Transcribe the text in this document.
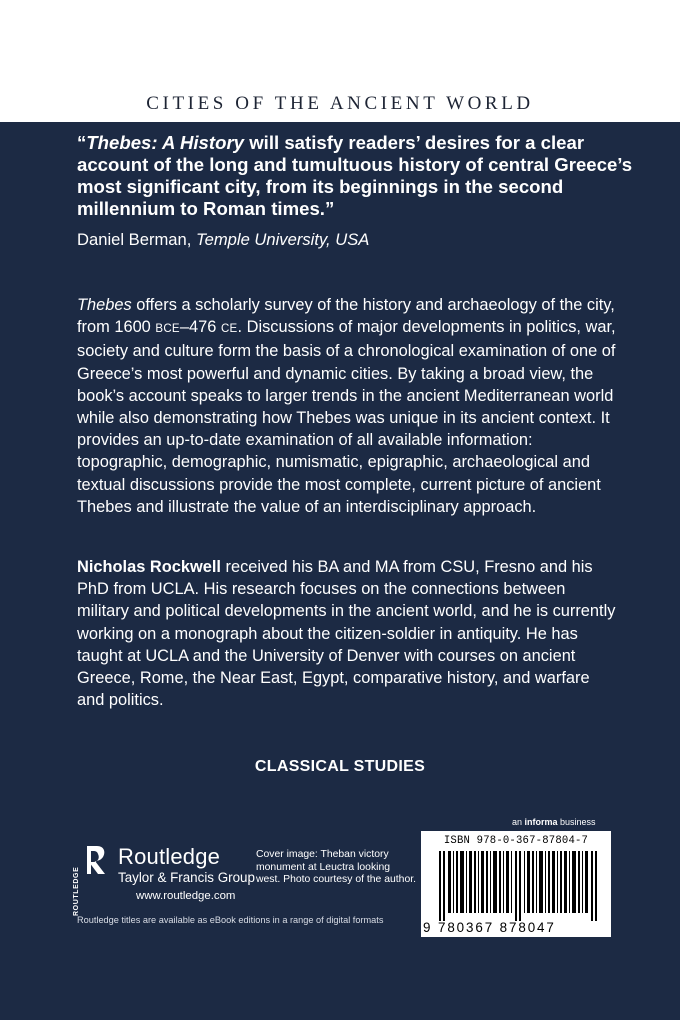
CITIES OF THE ANCIENT WORLD
“Thebes: A History will satisfy readers’ desires for a clear account of the long and tumultuous history of central Greece’s most significant city, from its beginnings in the second millennium to Roman times.”
Daniel Berman, Temple University, USA
Thebes offers a scholarly survey of the history and archaeology of the city, from 1600 BCE–476 CE. Discussions of major developments in politics, war, society and culture form the basis of a chronological examination of one of Greece’s most powerful and dynamic cities. By taking a broad view, the book’s account speaks to larger trends in the ancient Mediterranean world while also demonstrating how Thebes was unique in its ancient context. It provides an up-to-date examination of all available information: topographic, demographic, numismatic, epigraphic, archaeological and textual discussions provide the most complete, current picture of ancient Thebes and illustrate the value of an interdisciplinary approach.
Nicholas Rockwell received his BA and MA from CSU, Fresno and his PhD from UCLA. His research focuses on the connections between military and political developments in the ancient world, and he is currently working on a monograph about the citizen-soldier in antiquity. He has taught at UCLA and the University of Denver with courses on ancient Greece, Rome, the Near East, Egypt, comparative history, and warfare and politics.
CLASSICAL STUDIES
an informa business
ROUTLEDGE
Routledge
Taylor & Francis Group
www.routledge.com
Cover image: Theban victory monument at Leuctra looking west. Photo courtesy of the author.
ISBN 978-0-367-87804-7
9 780367 878047
Routledge titles are available as eBook editions in a range of digital formats
